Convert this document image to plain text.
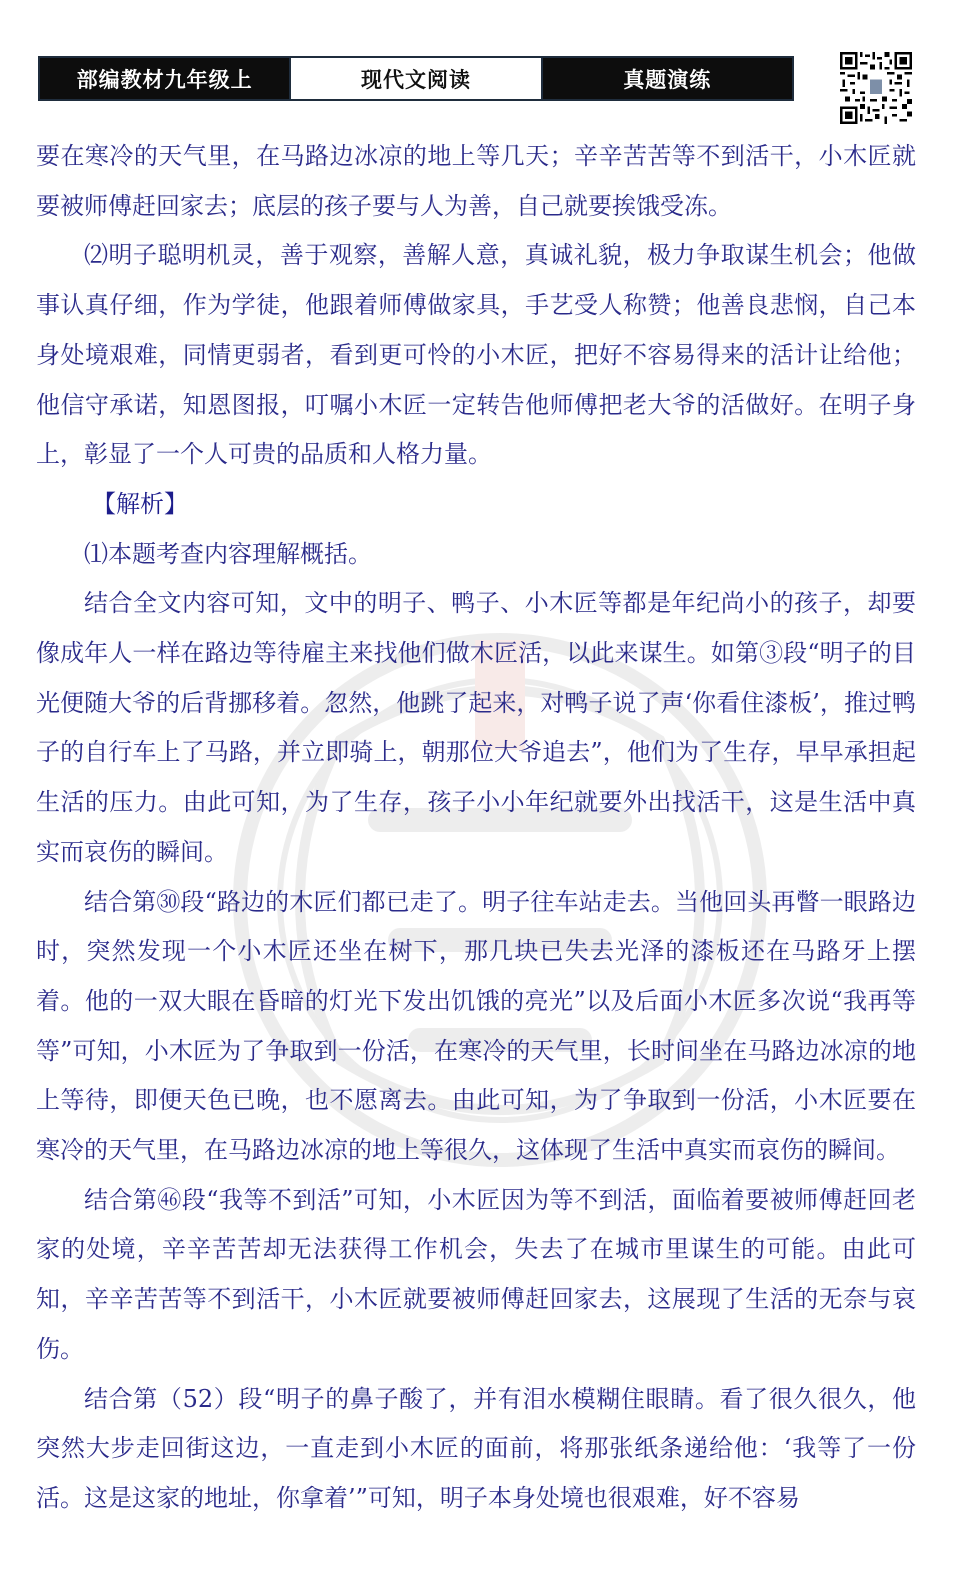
部编教材九年级上	现代文阅读	真题演练

要在寒冷的天气里，在马路边冰凉的地上等几天；辛辛苦苦等不到活干，小木匠就要被师傅赶回家去；底层的孩子要与人为善，自己就要挨饿受冻。

⑵明子聪明机灵，善于观察，善解人意，真诚礼貌，极力争取谋生机会；他做事认真仔细，作为学徒，他跟着师傅做家具，手艺受人称赞；他善良悲悯，自己本身处境艰难，同情更弱者，看到更可怜的小木匠，把好不容易得来的活计让给他；他信守承诺，知恩图报，叮嘱小木匠一定转告他师傅把老大爷的活做好。在明子身上，彰显了一个人可贵的品质和人格力量。

【解析】

⑴本题考查内容理解概括。

结合全文内容可知，文中的明子、鸭子、小木匠等都是年纪尚小的孩子，却要像成年人一样在路边等待雇主来找他们做木匠活，以此来谋生。如第③段“明子的目光便随大爷的后背挪移着。忽然，他跳了起来，对鸭子说了声‘你看住漆板’，推过鸭子的自行车上了马路，并立即骑上，朝那位大爷追去”，他们为了生存，早早承担起生活的压力。由此可知，为了生存，孩子小小年纪就要外出找活干，这是生活中真实而哀伤的瞬间。

结合第㉚段“路边的木匠们都已走了。明子往车站走去。当他回头再瞥一眼路边时，突然发现一个小木匠还坐在树下，那几块已失去光泽的漆板还在马路牙上摆着。他的一双大眼在昏暗的灯光下发出饥饿的亮光”以及后面小木匠多次说“我再等等”可知，小木匠为了争取到一份活，在寒冷的天气里，长时间坐在马路边冰凉的地上等待，即便天色已晚，也不愿离去。由此可知，为了争取到一份活，小木匠要在寒冷的天气里，在马路边冰凉的地上等很久，这体现了生活中真实而哀伤的瞬间。

结合第㊻段“我等不到活”可知，小木匠因为等不到活，面临着要被师傅赶回老家的处境，辛辛苦苦却无法获得工作机会，失去了在城市里谋生的可能。由此可知，辛辛苦苦等不到活干，小木匠就要被师傅赶回家去，这展现了生活的无奈与哀伤。

结合第（52）段“明子的鼻子酸了，并有泪水模糊住眼睛。看了很久很久，他突然大步走回街这边，一直走到小木匠的面前，将那张纸条递给他：‘我等了一份活。这是这家的地址，你拿着’”可知，明子本身处境也很艰难，好不容易
